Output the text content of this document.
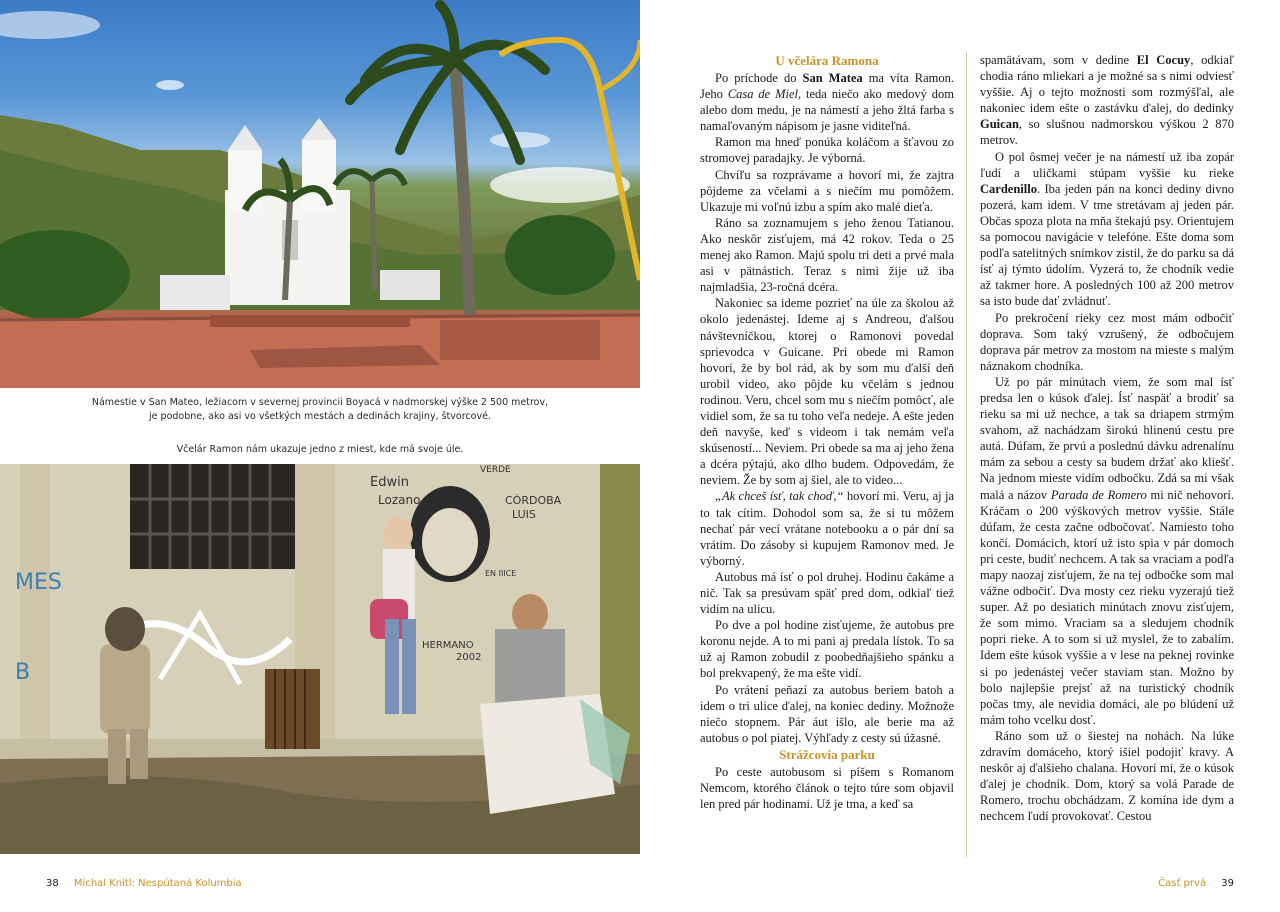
Námestie v San Mateo, ležiacom v severnej provincii Boyacá v nadmorskej výške 2 500 metrov,
je podobne, ako asi vo všetkých mestách a dedinách krajiny, štvorcové.
Včelár Ramon nám ukazuje jedno z miest, kde má svoje úle.
MES
B
Edwin
Lozano	CÓRDOBA
LUIS
HERMANO
2002
VERDE
EN IIICE
U včelára Ramona

Po príchode do San Matea ma víta Ramon. Jeho Casa de Miel, teda niečo ako medový dom alebo dom medu, je na námestí a jeho žltá farba s namaľovaným nápisom je jasne viditeľná.

Ramon ma hneď ponúka koláčom a šťavou zo stromovej paradajky. Je výborná.

Chvíľu sa rozprávame a hovorí mi, že zajtra pôjdeme za včelami a s niečím mu pomôžem. Ukazuje mi voľnú izbu a spím ako malé dieťa.

Ráno sa zoznamujem s jeho ženou Tatianou. Ako neskôr zisťujem, má 42 rokov. Teda o 25 menej ako Ramon. Majú spolu tri deti a prvé mala asi v pätnástich. Teraz s nimi žije už iba najmladšia, 23-ročná dcéra.

Nakoniec sa ideme pozrieť na úle za školou až okolo jedenástej. Ideme aj s Andreou, ďalšou návštevníčkou, ktorej o Ramonovi povedal sprievodca v Guicane. Pri obede mi Ramon hovorí, že by bol rád, ak by som mu ďalší deň urobil video, ako pôjde ku včelám s jednou rodinou. Veru, chcel som mu s niečím pomôcť, ale vidiel som, že sa tu toho veľa nedeje. A ešte jeden deň navyše, keď s videom i tak nemám veľa skúseností... Neviem. Pri obede sa ma aj jeho žena a dcéra pýtajú, ako dlho budem. Odpovedám, že neviem. Že by som aj šiel, ale to video...

„Ak chceš ísť, tak choď,“ hovorí mi. Veru, aj ja to tak cítim. Dohodol som sa, že si tu môžem nechať pár vecí vrátane notebooku a o pár dní sa vrátim. Do zásoby si kupujem Ramonov med. Je výborný.

Autobus má ísť o pol druhej. Hodinu čakáme a nič. Tak sa presúvam späť pred dom, odkiaľ tiež vidím na ulicu.

Po dve a pol hodine zisťujeme, že autobus pre koronu nejde. A to mi pani aj predala lístok. To sa už aj Ramon zobudil z poobedňajšieho spánku a bol prekvapený, že ma ešte vidí.

Po vrátení peňazí za autobus beriem batoh a idem o tri ulice ďalej, na koniec dediny. Možnože niečo stopnem. Pár áut išlo, ale berie ma až autobus o pol piatej. Výhľady z cesty sú úžasné.

Strážcovia parku

Po ceste autobusom si píšem s Romanom Nemcom, ktorého článok o tejto túre som objavil len pred pár hodinami. Už je tma, a keď sa

spamätávam, som v dedine El Cocuy, odkiaľ chodia ráno mliekari a je možné sa s nimi odviesť vyššie. Aj o tejto možnosti som rozmýšľal, ale nakoniec idem ešte o zastávku ďalej, do dedinky Guican, so slušnou nadmorskou výškou 2 870 metrov.

O pol ôsmej večer je na námestí už iba zopár ľudí a uličkami stúpam vyššie ku rieke Cardenillo. Iba jeden pán na konci dediny divno pozerá, kam idem. V tme stretávam aj jeden pár. Občas spoza plota na mňa štekajú psy. Orientujem sa pomocou navigácie v telefóne. Ešte doma som podľa satelitných snímkov zistil, že do parku sa dá ísť aj týmto údolím. Vyzerá to, že chodník vedie až takmer hore. A posledných 100 až 200 metrov sa isto bude dať zvládnuť.

Po prekročení rieky cez most mám odbočiť doprava. Som taký vzrušený, že odbočujem doprava pár metrov za mostom na mieste s malým náznakom chodníka.

Už po pár minútach viem, že som mal ísť predsa len o kúsok ďalej. Ísť naspäť a brodiť sa rieku sa mi už nechce, a tak sa driapem strmým svahom, až nachádzam širokú hlinenú cestu pre autá. Dúfam, že prvú a poslednú dávku adrenalínu mám za sebou a cesty sa budem držať ako kliešť. Na jednom mieste vidím odbočku. Zdá sa mi však malá a názov Parada de Romero mi nič nehovorí. Kráčam o 200 výškových metrov vyššie. Stále dúfam, že cesta začne odbočovať. Namiesto toho končí. Domácich, ktorí už isto spia v pár domoch pri ceste, budiť nechcem. A tak sa vraciam a podľa mapy naozaj zisťujem, že na tej odbočke som mal vážne odbočiť. Dva mosty cez rieku vyzerajú tiež super. Až po desiatich minútach znovu zisťujem, že som mimo. Vraciam sa a sledujem chodník popri rieke. A to som si už myslel, že to zabalím. Idem ešte kúsok vyššie a v lese na peknej rovinke si po jedenástej večer staviam stan. Možno by bolo najlepšie prejsť až na turistický chodník počas tmy, ale nevidia domáci, ale po blúdení už mám toho vcelku dosť.

Ráno som už o šiestej na nohách. Na lúke zdravím domáceho, ktorý išiel podojiť kravy. A neskôr aj ďalšieho chalana. Hovorí mi, že o kúsok ďalej je chodník. Dom, ktorý sa volá Parade de Romero, trochu obchádzam. Z komína ide dym a nechcem ľudí provokovať. Cestou

38 Michal Knitl: Nespútaná Kolumbia	Časť prvá 39
